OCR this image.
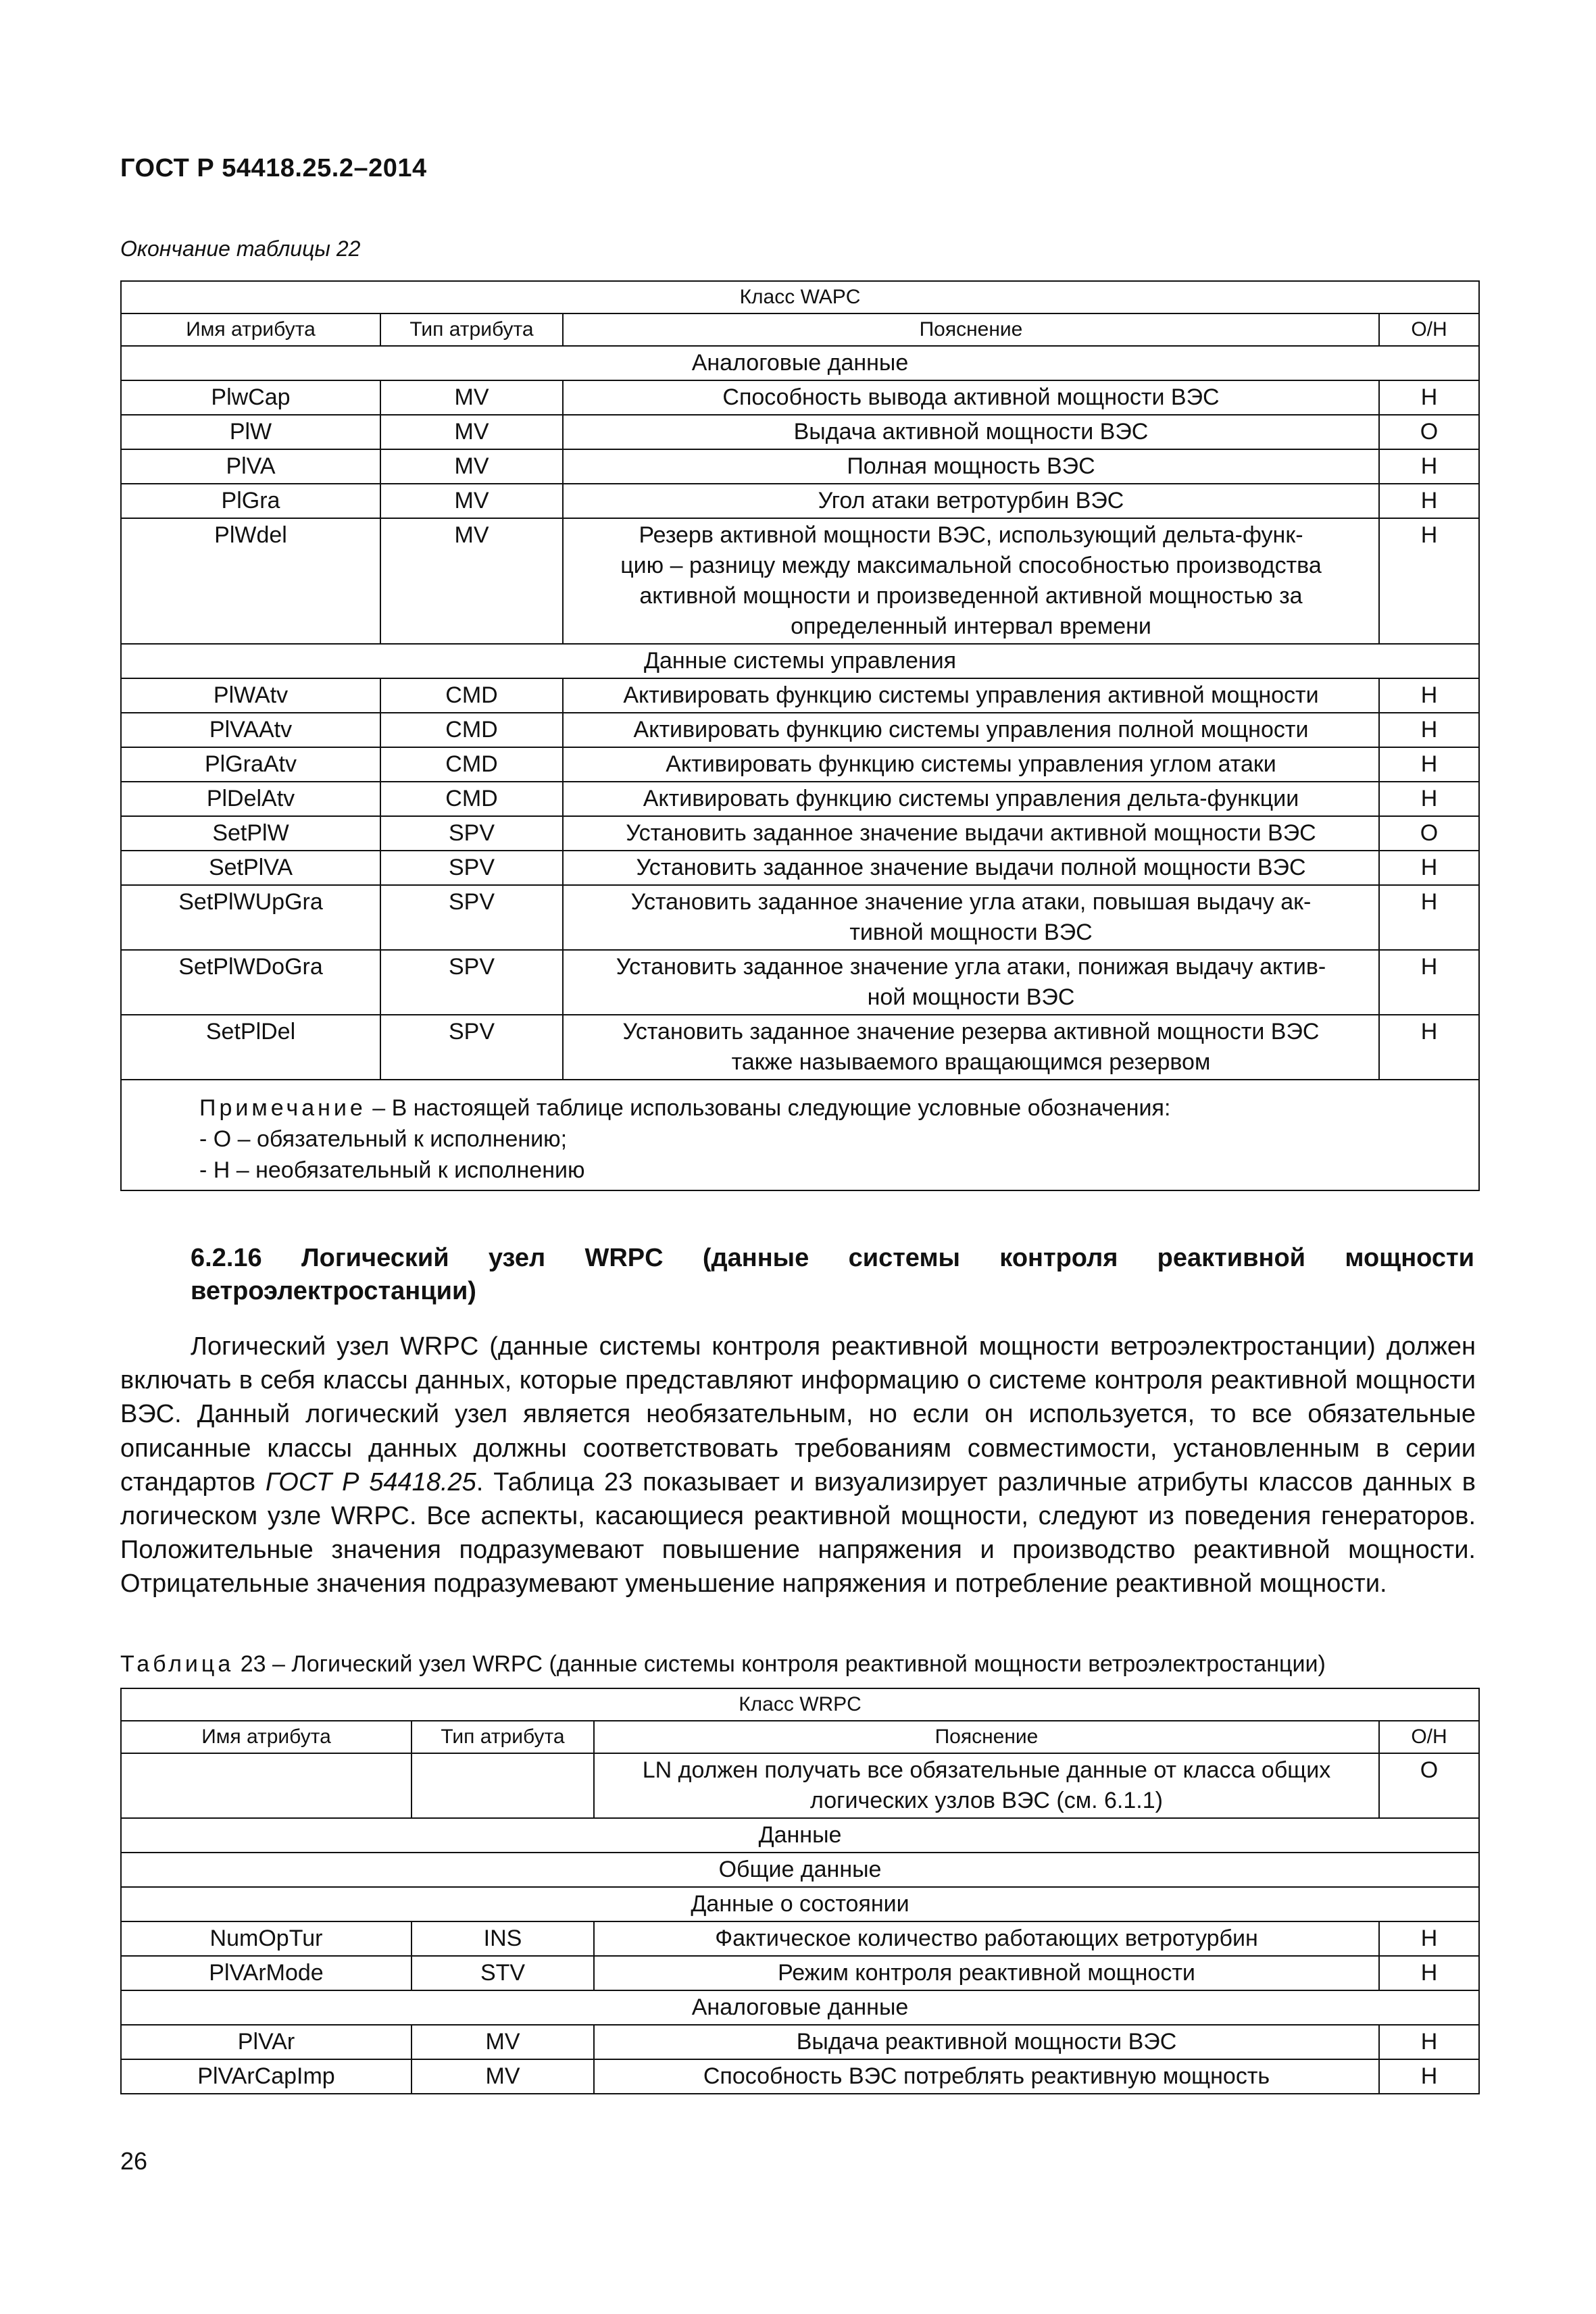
ГОСТ Р 54418.25.2–2014
Окончание таблицы 22
Класс WAPC			
Имя атрибута	Тип атрибута	Пояснение	О/Н
Аналоговые данные			
PlwCap	MV	Способность вывода активной мощности ВЭС	Н
PlW	MV	Выдача активной мощности ВЭС	О
PlVA	MV	Полная мощность ВЭС	Н
PlGra	MV	Угол атаки ветротурбин ВЭС	Н
PlWdel	MV	Резерв активной мощности ВЭС, использующий дельта-функ-
цию – разницу между максимальной способностью производства
активной мощности и произведенной активной мощностью за
определенный интервал времени	Н
Данные системы управления			
PlWAtv	CMD	Активировать функцию системы управления активной мощности	Н
PlVAAtv	CMD	Активировать функцию системы управления полной мощности	Н
PlGraAtv	CMD	Активировать функцию системы управления углом атаки	Н
PlDelAtv	CMD	Активировать функцию системы управления дельта-функции	Н
SetPlW	SPV	Установить заданное значение выдачи активной мощности ВЭС	О
SetPlVA	SPV	Установить заданное значение выдачи полной мощности ВЭС	Н
SetPlWUpGra	SPV	Установить заданное значение угла атаки, повышая выдачу ак-
тивной мощности ВЭС	Н
SetPlWDoGra	SPV	Установить заданное значение угла атаки, понижая выдачу актив-
ной мощности ВЭС	Н
SetPlDel	SPV	Установить заданное значение резерва активной мощности ВЭС
также называемого вращающимся резервом	Н

Примечание – В настоящей таблице использованы следующие условные обозначения:
- О – обязательный к исполнению;
- Н – необязательный к исполнению			
6.2.16 Логический узел WRPC (данные системы контроля реактивной мощности
ветроэлектростанции)
Логический узел WRPC (данные системы контроля реактивной мощности ветроэлектростанции) должен включать в себя классы данных, которые представляют информацию о системе контроля реактивной мощности ВЭС. Данный логический узел является необязательным, но если он используется, то все обязательные описанные классы данных должны соответствовать требованиям совместимости, установленным в серии стандартов ГОСТ Р 54418.25. Таблица 23 показывает и визуализирует различные атрибуты классов данных в логическом узле WRPC. Все аспекты, касающиеся реактивной мощности, следуют из поведения генераторов. Положительные значения подразумевают повышение напряжения и производство реактивной мощности. Отрицательные значения подразумевают уменьшение напряжения и потребление реактивной мощности.
Таблица 23 – Логический узел WRPC (данные системы контроля реактивной мощности ветроэлектростанции)
Класс WRPC			
Имя атрибута	Тип атрибута	Пояснение	О/Н
		LN должен получать все обязательные данные от класса общих
логических узлов ВЭС (см. 6.1.1)	О
Данные			
Общие данные			
Данные о состоянии			
NumOpTur	INS	Фактическое количество работающих ветротурбин	Н
PlVArMode	STV	Режим контроля реактивной мощности	Н
Аналоговые данные			
PlVAr	MV	Выдача реактивной мощности ВЭС	Н
PlVArCapImp	MV	Способность ВЭС потреблять реактивную мощность	Н
26
